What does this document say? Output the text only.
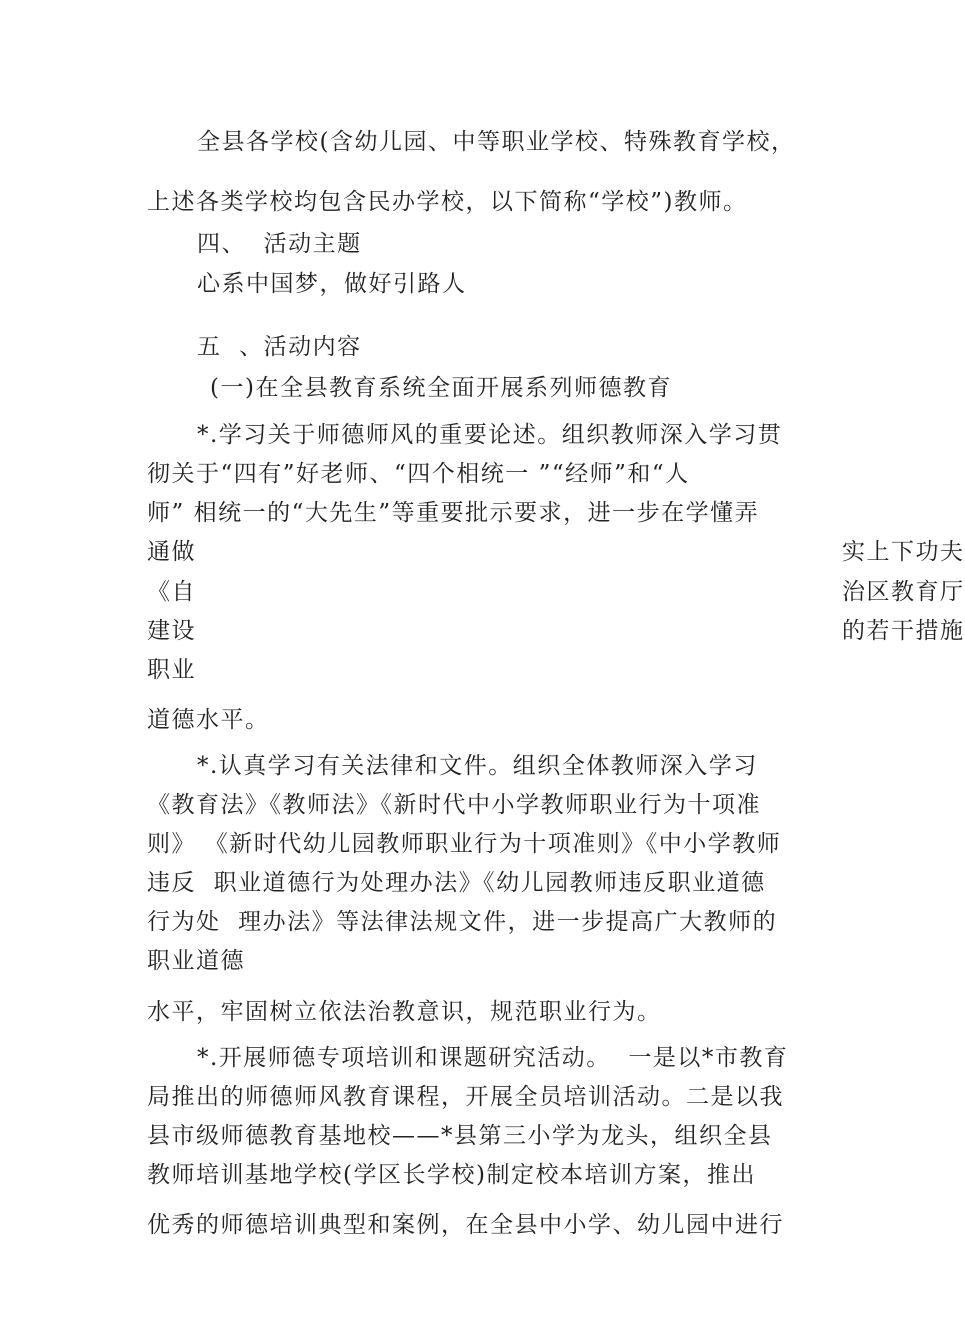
全县各学校(含幼儿园、中等职业学校、特殊教育学校，

上述各类学校均包含民办学校，以下简称“学校”)教师。

四、  活动主题

心系中国梦，做好引路人

五  、活动内容

(一)在全县教育系统全面开展系列师德教育

*.学习关于师德师风的重要论述。组织教师深入学习贯

彻关于“四有”好老师、“四个相统一 ”“经师”和“人

师” 相统一的“大先生”等重要批示要求，进一步在学懂弄

通做

《自

建设

职业

实上下功夫

治区教育厅

的若干措施

道德水平。

*.认真学习有关法律和文件。组织全体教师深入学习

《教育法》《教师法》《新时代中小学教师职业行为十项准

则》 《新时代幼儿园教师职业行为十项准则》《中小学教师

违反  职业道德行为处理办法》《幼儿园教师违反职业道德

行为处  理办法》等法律法规文件，进一步提高广大教师的

职业道德

水平，牢固树立依法治教意识，规范职业行为。

*.开展师德专项培训和课题研究活动。  一是以*市教育

局推出的师德师风教育课程，开展全员培训活动。二是以我

县市级师德教育基地校——*县第三小学为龙头，组织全县

教师培训基地学校(学区长学校)制定校本培训方案，推出

优秀的师德培训典型和案例，在全县中小学、幼儿园中进行
